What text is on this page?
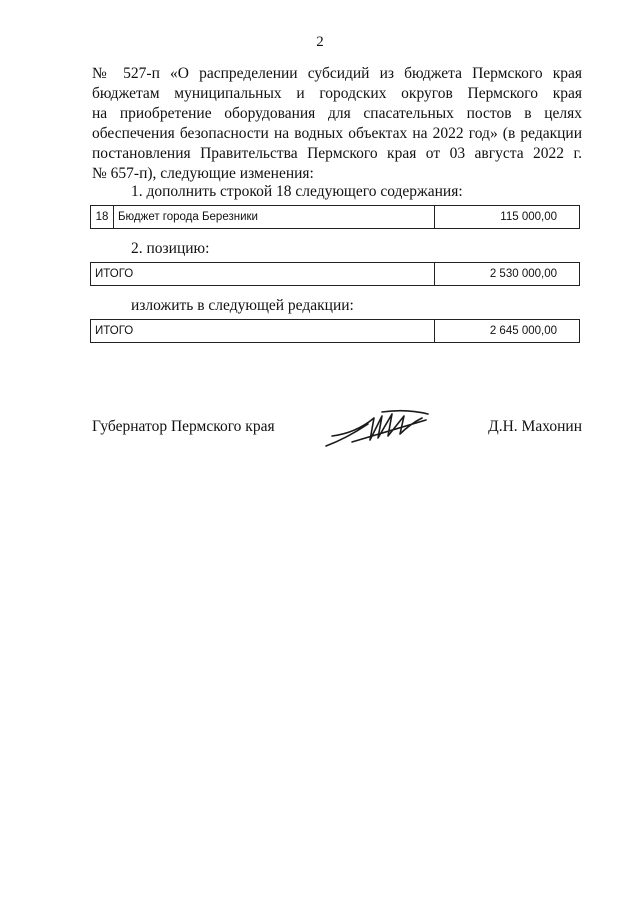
2
№ 527-п «О распределении субсидий из бюджета Пермского края
бюджетам муниципальных и городских округов Пермского края
на приобретение оборудования для спасательных постов в целях
обеспечения безопасности на водных объектах на 2022 год» (в редакции
постановления Правительства Пермского края от 03 августа 2022 г.
№ 657-п), следующие изменения:
1. дополнить строкой 18 следующего содержания:
18	Бюджет города Березники	115 000,00
2. позицию:
ИТОГО	2 530 000,00
изложить в следующей редакции:
ИТОГО	2 645 000,00
Губернатор Пермского края	Д.Н. Махонин
